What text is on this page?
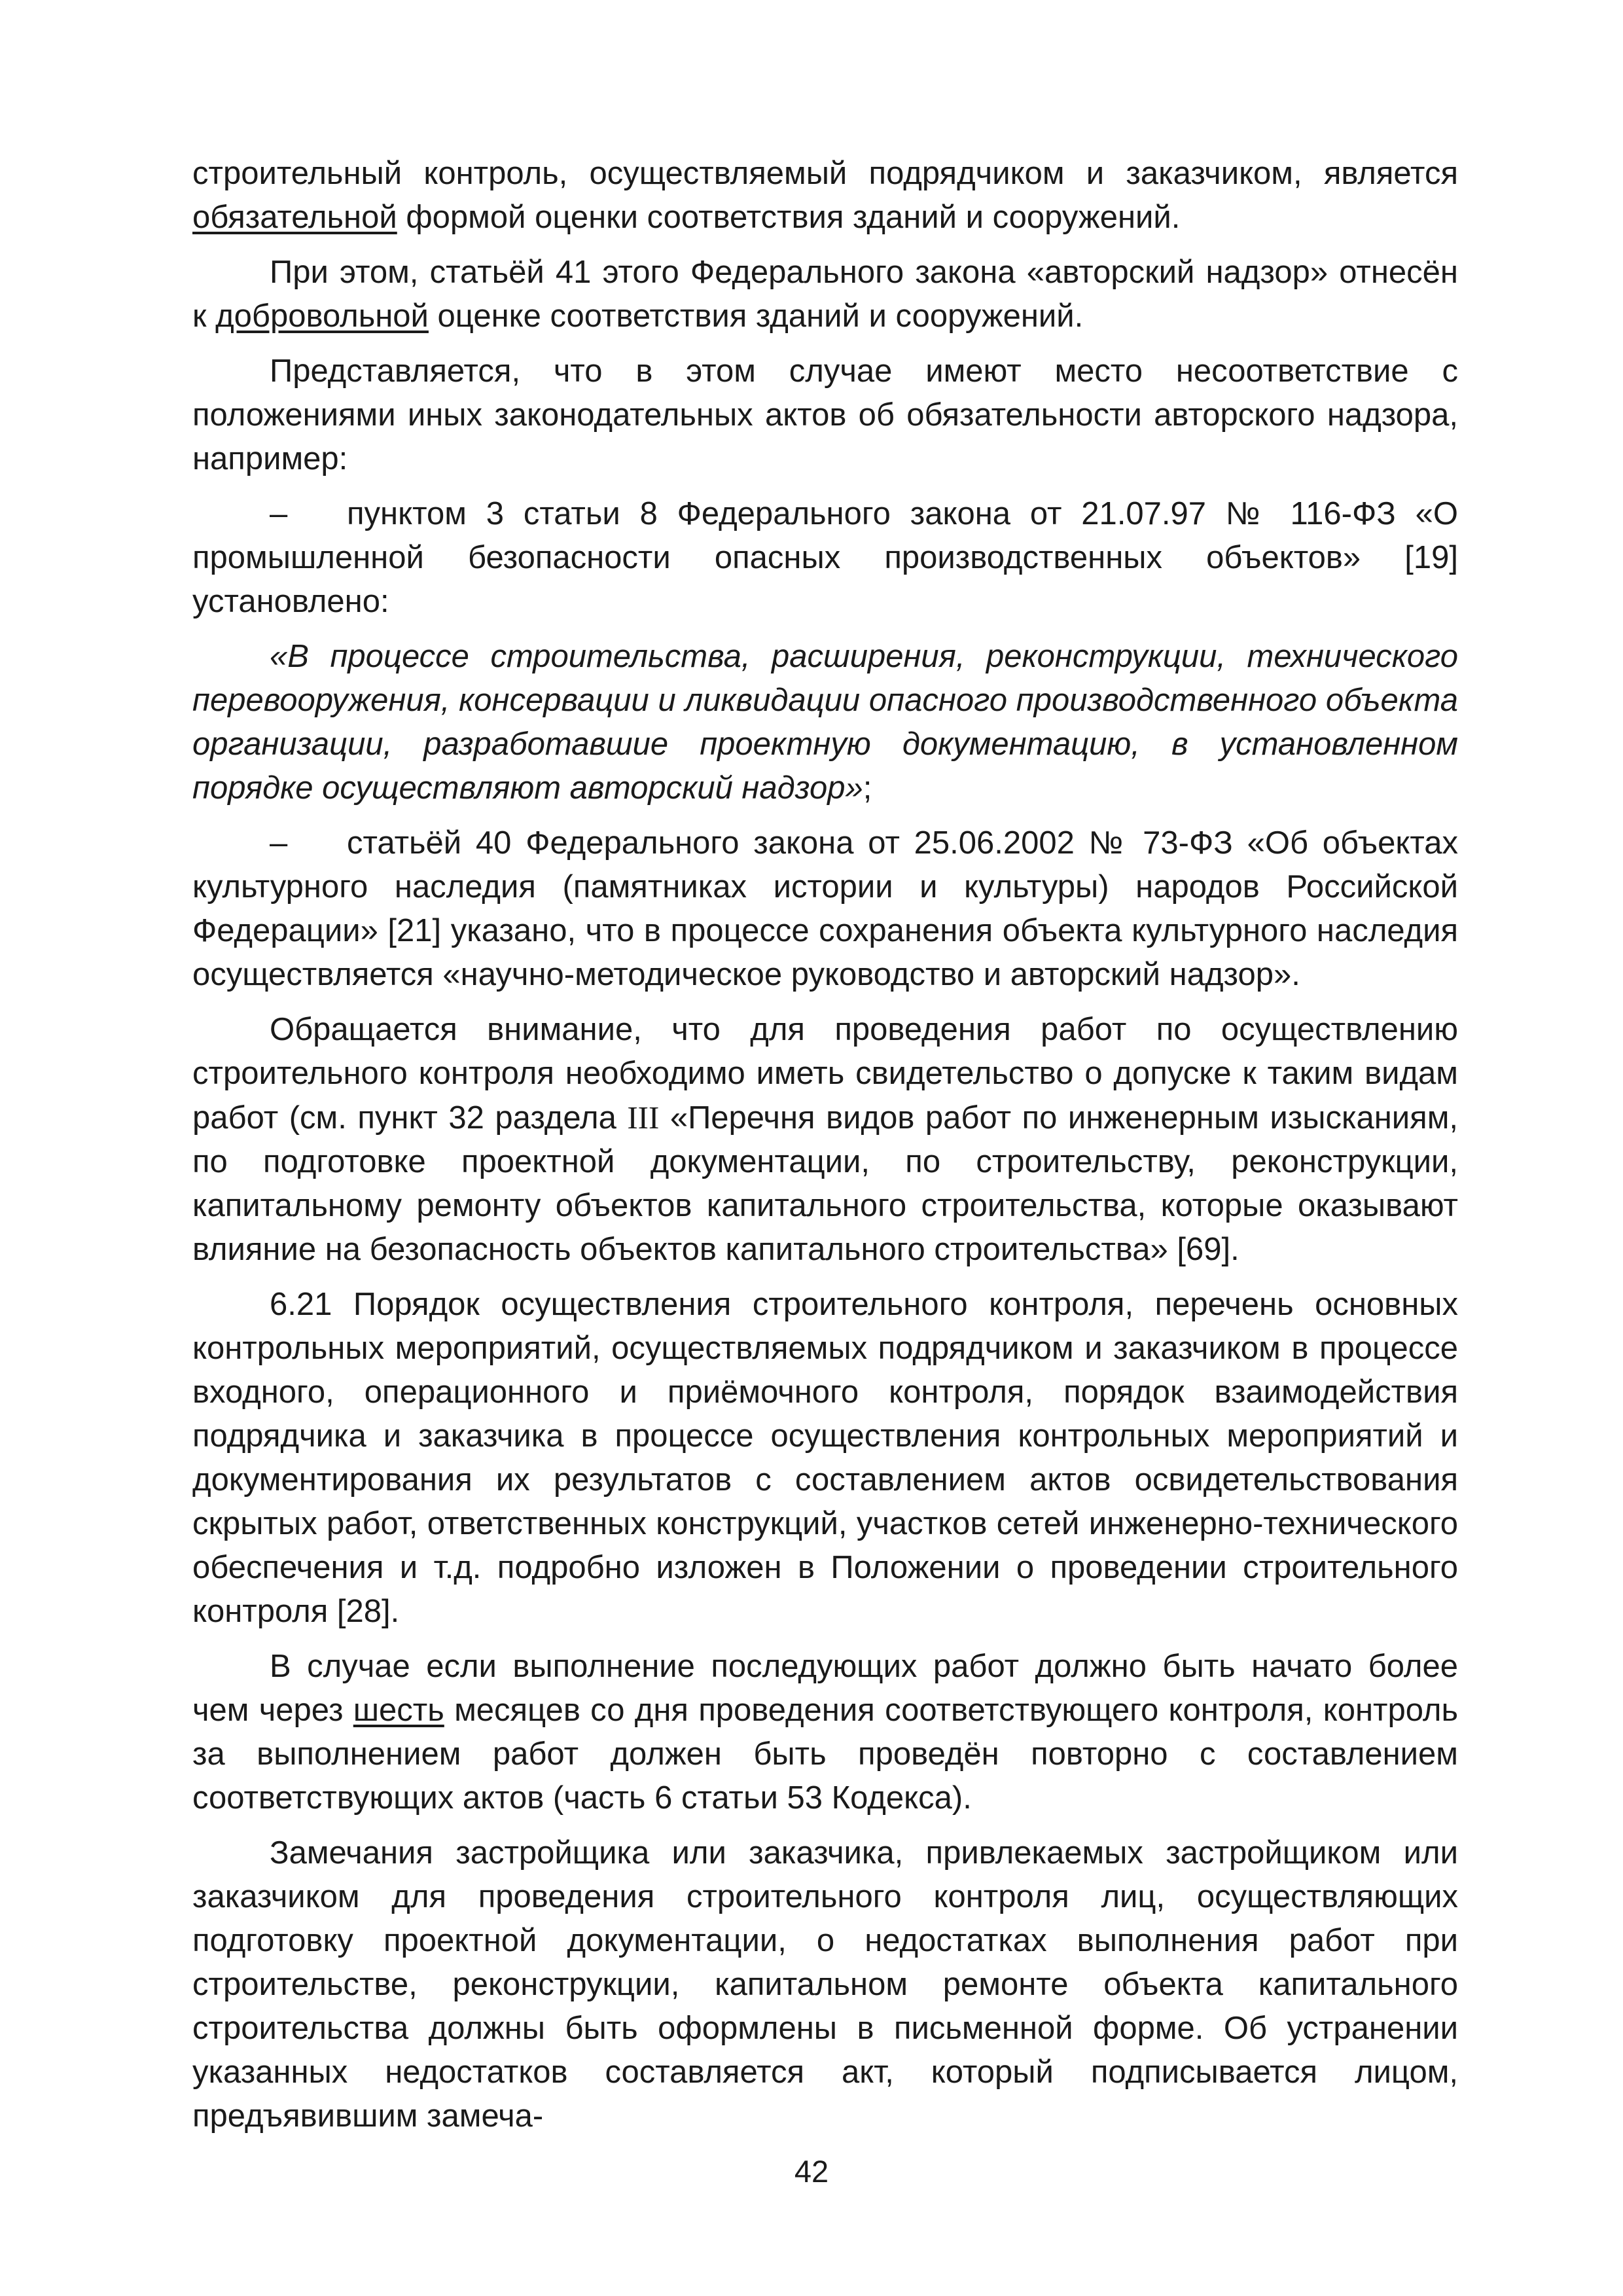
строительный контроль, осуществляемый подрядчиком и заказчиком, является обязательной формой оценки соответствия зданий и сооружений.

При этом, статьёй 41 этого Федерального закона «авторский надзор» отнесён к добровольной оценке соответствия зданий и сооружений.

Представляется, что в этом случае имеют место несоответствие с положениями иных законодательных актов об обязательности авторского надзора, например:

– пунктом 3 статьи 8 Федерального закона от 21.07.97 № 116-ФЗ «О промышленной безопасности опасных производственных объектов» [19] установлено:

«В процессе строительства, расширения, реконструкции, технического перевооружения, консервации и ликвидации опасного производственного объекта организации, разработавшие проектную документацию, в установленном порядке осуществляют авторский надзор»;

– статьёй 40 Федерального закона от 25.06.2002 № 73-ФЗ «Об объектах культурного наследия (памятниках истории и культуры) народов Российской Федерации» [21] указано, что в процессе сохранения объекта культурного наследия осуществляется «научно-методическое руководство и авторский надзор».

Обращается внимание, что для проведения работ по осуществлению строительного контроля необходимо иметь свидетельство о допуске к таким видам работ (см. пункт 32 раздела III «Перечня видов работ по инженерным изысканиям, по подготовке проектной документации, по строительству, реконструкции, капитальному ремонту объектов капитального строительства, которые оказывают влияние на безопасность объектов капитального строительства» [69].

6.21 Порядок осуществления строительного контроля, перечень основных контрольных мероприятий, осуществляемых подрядчиком и заказчиком в процессе входного, операционного и приёмочного контроля, порядок взаимодействия подрядчика и заказчика в процессе осуществления контрольных мероприятий и документирования их результатов с составлением актов освидетельствования скрытых работ, ответственных конструкций, участков сетей инженерно-технического обеспечения и т.д. подробно изложен в Положении о проведении строительного контроля [28].

В случае если выполнение последующих работ должно быть начато более чем через шесть месяцев со дня проведения соответствующего контроля, контроль за выполнением работ должен быть проведён повторно с составлением соответствующих актов (часть 6 статьи 53 Кодекса).

Замечания застройщика или заказчика, привлекаемых застройщиком или заказчиком для проведения строительного контроля лиц, осуществляющих подготовку проектной документации, о недостатках выполнения работ при строительстве, реконструкции, капитальном ремонте объекта капитального строительства должны быть оформлены в письменной форме. Об устранении указанных недостатков составляется акт, который подписывается лицом, предъявившим замеча-

42
